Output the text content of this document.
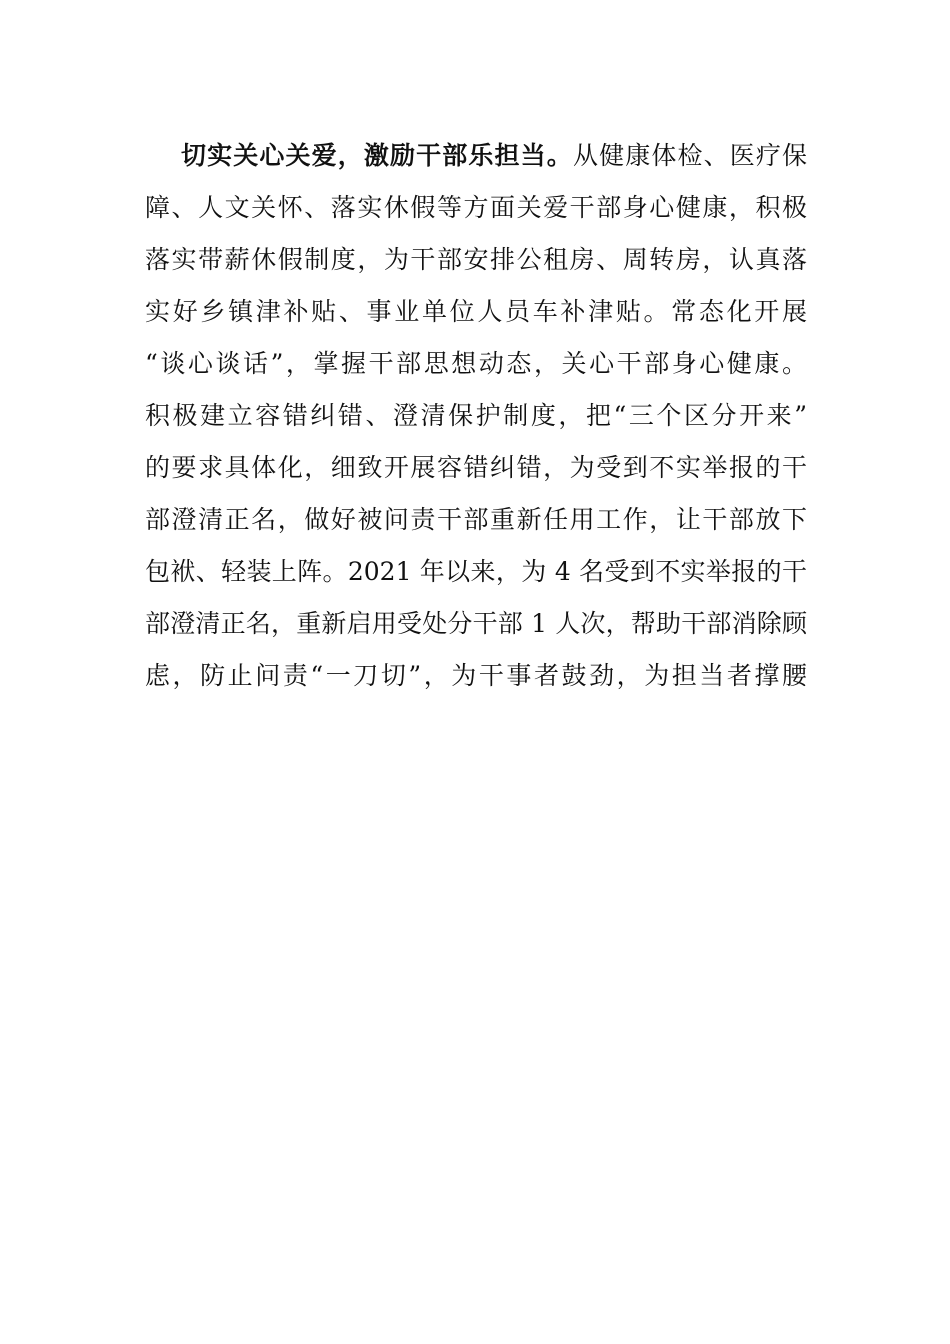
切实关心关爱，激励干部乐担当。从健康体检、医疗保
障、人文关怀、落实休假等方面关爱干部身心健康，积极
落实带薪休假制度，为干部安排公租房、周转房，认真落
实好乡镇津补贴、事业单位人员车补津贴。常态化开展
“谈心谈话”，掌握干部思想动态，关心干部身心健康。
积极建立容错纠错、澄清保护制度，把“三个区分开来”
的要求具体化，细致开展容错纠错，为受到不实举报的干
部澄清正名，做好被问责干部重新任用工作，让干部放下
包袱、轻装上阵。2021 年以来，为 4 名受到不实举报的干
部澄清正名，重新启用受处分干部 1 人次，帮助干部消除顾
虑，防止问责“一刀切”，为干事者鼓劲，为担当者撑腰
